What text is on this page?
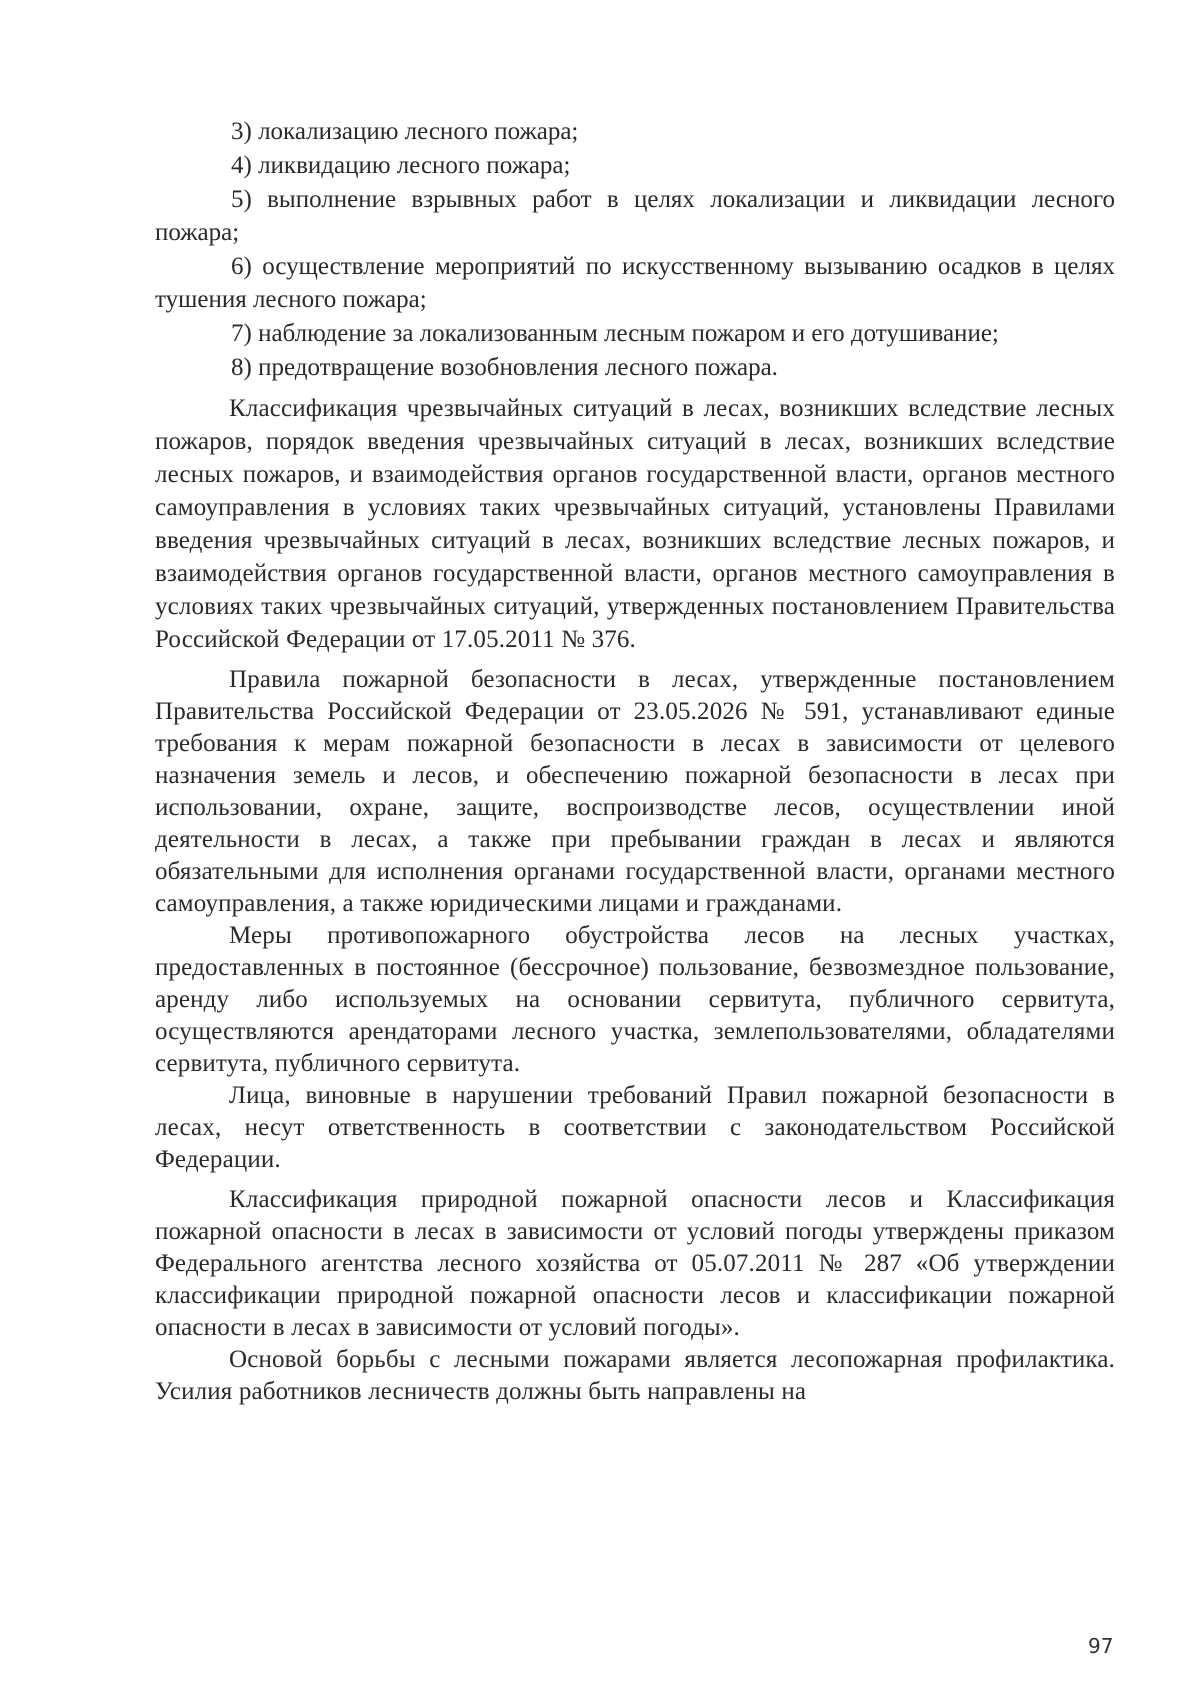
3) локализацию лесного пожара;

4) ликвидацию лесного пожара;

5) выполнение взрывных работ в целях локализации и ликвидации лесного пожара;

6) осуществление мероприятий по искусственному вызыванию осадков в целях тушения лесного пожара;

7) наблюдение за локализованным лесным пожаром и его дотушивание;

8) предотвращение возобновления лесного пожара.

Классификация чрезвычайных ситуаций в лесах, возникших вследствие лесных пожаров, порядок введения чрезвычайных ситуаций в лесах, возникших вследствие лесных пожаров, и взаимодействия органов государственной власти, органов местного самоуправления в условиях таких чрезвычайных ситуаций, установлены Правилами введения чрезвычайных ситуаций в лесах, возникших вследствие лесных пожаров, и взаимодействия органов государственной власти, органов местного самоуправления в условиях таких чрезвычайных ситуаций, утвержденных постановлением Правительства Российской Федерации от 17.05.2011 № 376.

Правила пожарной безопасности в лесах, утвержденные постановлением Правительства Российской Федерации от 23.05.2026 № 591, устанавливают единые требования к мерам пожарной безопасности в лесах в зависимости от целевого назначения земель и лесов, и обеспечению пожарной безопасности в лесах при использовании, охране, защите, воспроизводстве лесов, осуществлении иной деятельности в лесах, а также при пребывании граждан в лесах и являются обязательными для исполнения органами государственной власти, органами местного самоуправления, а также юридическими лицами и гражданами.

Меры противопожарного обустройства лесов на лесных участках, предоставленных в постоянное (бессрочное) пользование, безвозмездное пользование, аренду либо используемых на основании сервитута, публичного сервитута, осуществляются арендаторами лесного участка, землепользователями, обладателями сервитута, публичного сервитута.

Лица, виновные в нарушении требований Правил пожарной безопасности в лесах, несут ответственность в соответствии с законодательством Российской Федерации.

Классификация природной пожарной опасности лесов и Классификация пожарной опасности в лесах в зависимости от условий погоды утверждены приказом Федерального агентства лесного хозяйства от 05.07.2011 № 287 «Об утверждении классификации природной пожарной опасности лесов и классификации пожарной опасности в лесах в зависимости от условий погоды».

Основой борьбы с лесными пожарами является лесопожарная профилактика. Усилия работников лесничеств должны быть направлены на

97
